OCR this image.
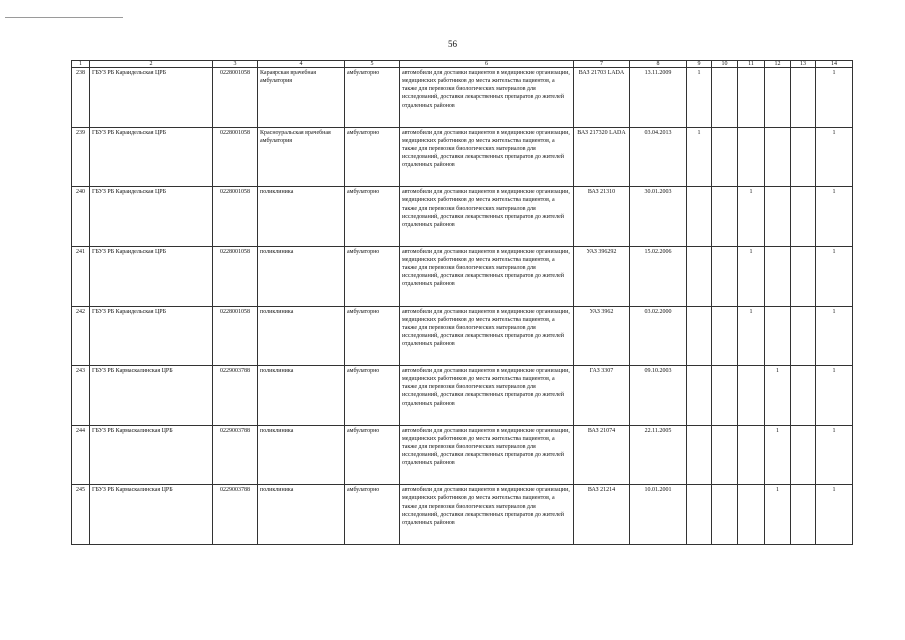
56
1	2	3	4	5	6	7	8	9	10	11	12	13	14
238	ГБУЗ РБ Караидельская ЦРБ	0228001058	Караярская врачебная амбулатория	амбулаторно	автомобили для доставки пациентов в медицинские организации, медицинских работников до места жительства пациентов, а также для перевозки биологических материалов для исследований, доставки лекарственных препаратов до жителей отдаленных районов	ВАЗ 21703 LADA	13.11.2009	1					1
239	ГБУЗ РБ Караидельская ЦРБ	0228001058	Красноуральская врачебная амбулатория	амбулаторно	автомобили для доставки пациентов в медицинские организации, медицинских работников до места жительства пациентов, а также для перевозки биологических материалов для исследований, доставки лекарственных препаратов до жителей отдаленных районов	ВАЗ 217320 LADA	03.04.2013	1					1
240	ГБУЗ РБ Караидельская ЦРБ	0228001058	поликлиника	амбулаторно	автомобили для доставки пациентов в медицинские организации, медицинских работников до места жительства пациентов, а также для перевозки биологических материалов для исследований, доставки лекарственных препаратов до жителей отдаленных районов	ВАЗ 21310	30.01.2003			1			1
241	ГБУЗ РБ Караидельская ЦРБ	0228001058	поликлиника	амбулаторно	автомобили для доставки пациентов в медицинские организации, медицинских работников до места жительства пациентов, а также для перевозки биологических материалов для исследований, доставки лекарственных препаратов до жителей отдаленных районов	УАЗ 396292	15.02.2006			1			1
242	ГБУЗ РБ Караидельская ЦРБ	0228001058	поликлиника	амбулаторно	автомобили для доставки пациентов в медицинские организации, медицинских работников до места жительства пациентов, а также для перевозки биологических материалов для исследований, доставки лекарственных препаратов до жителей отдаленных районов	УАЗ 3962	03.02.2000			1			1
243	ГБУЗ РБ Кармаскалинская ЦРБ	0229003788	поликлиника	амбулаторно	автомобили для доставки пациентов в медицинские организации, медицинских работников до места жительства пациентов, а также для перевозки биологических материалов для исследований, доставки лекарственных препаратов до жителей отдаленных районов	ГАЗ 3307	09.10.2003				1		1
244	ГБУЗ РБ Кармаскалинская ЦРБ	0229003788	поликлиника	амбулаторно	автомобили для доставки пациентов в медицинские организации, медицинских работников до места жительства пациентов, а также для перевозки биологических материалов для исследований, доставки лекарственных препаратов до жителей отдаленных районов	ВАЗ 21074	22.11.2005				1		1
245	ГБУЗ РБ Кармаскалинская ЦРБ	0229003788	поликлиника	амбулаторно	автомобили для доставки пациентов в медицинские организации, медицинских работников до места жительства пациентов, а также для перевозки биологических материалов для исследований, доставки лекарственных препаратов до жителей отдаленных районов	ВАЗ 21214	10.01.2001				1		1
